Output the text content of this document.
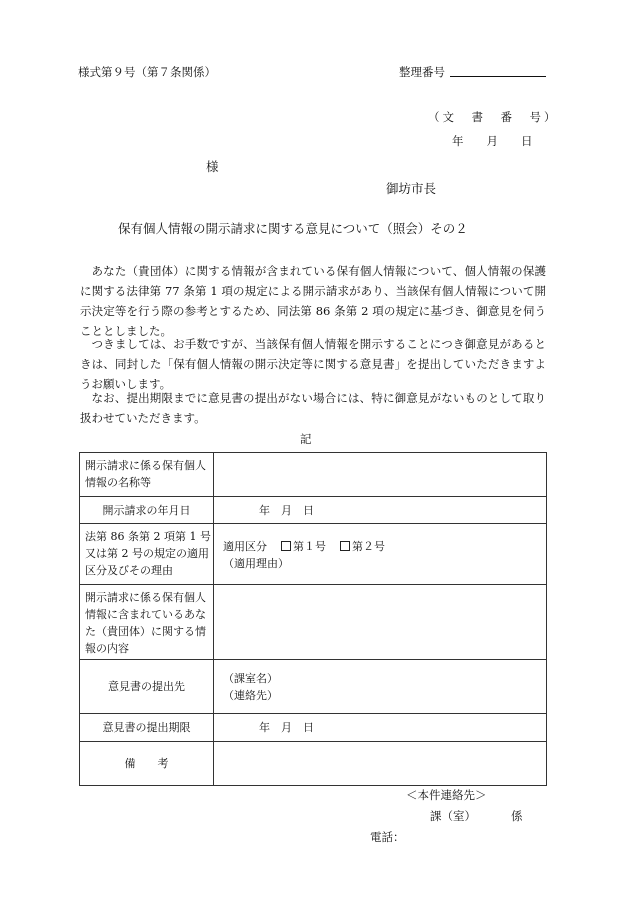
様式第９号（第７条関係）	整理番号
（文　書　番　号）
年　　月　　日
様
御坊市長
保有個人情報の開示請求に関する意見について（照会）その２
あなた（貴団体）に関する情報が含まれている保有個人情報について、個人情報の保護に関する法律第 77 条第 1 項の規定による開示請求があり、当該保有個人情報について開示決定等を行う際の参考とするため、同法第 86 条第 2 項の規定に基づき、御意見を伺うこととしました。
つきましては、お手数ですが、当該保有個人情報を開示することにつき御意見があるときは、同封した「保有個人情報の開示決定等に関する意見書」を提出していただきますようお願いします。
なお、提出期限までに意見書の提出がない場合には、特に御意見がないものとして取り扱わせていただきます。
記
開示請求に係る保有個人情報の名称等	
開示請求の年月日	年　月　日
法第 86 条第 2 項第 1 号又は第 2 号の規定の適用区分及びその理由	適用区分 第１号 第２号
（適用理由）

開示請求に係る保有個人情報に含まれているあなた（貴団体）に関する情報の内容	
意見書の提出先	（課室名）
（連絡先）

意見書の提出期限	年　月　日
備　　考	
＜本件連絡先＞
課（室）	係
電話：
